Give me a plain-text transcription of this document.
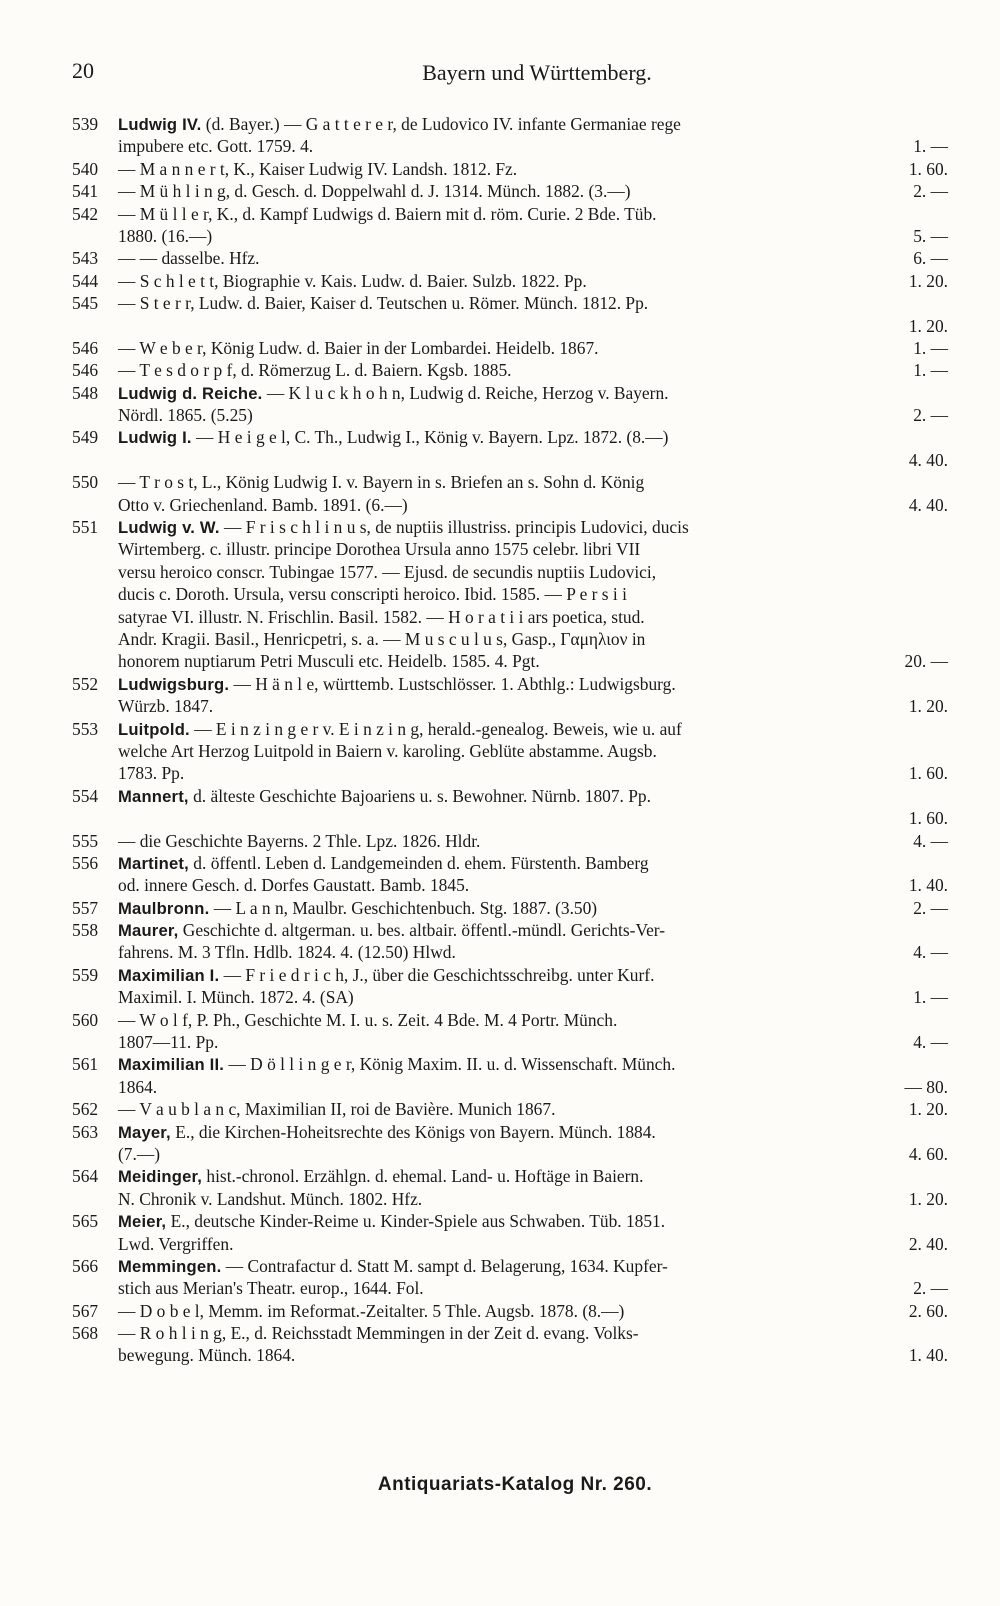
20	Bayern und Württemberg.
539 Ludwig IV. (d. Bayer.) — G a t t e r e r, de Ludovico IV. infante Germaniae rege
impubere etc. Gott. 1759. 4.	1. —
540 — M a n n e r t, K., Kaiser Ludwig IV. Landsh. 1812. Fz.	1. 60.
541 — M ü h l i n g, d. Gesch. d. Doppelwahl d. J. 1314. Münch. 1882. (3.—)	2. —
542 — M ü l l e r, K., d. Kampf Ludwigs d. Baiern mit d. röm. Curie. 2 Bde. Tüb.
1880. (16.—)	5. —
543 — — dasselbe. Hfz.	6. —
544 — S c h l e t t, Biographie v. Kais. Ludw. d. Baier. Sulzb. 1822. Pp.	1. 20.
545 — S t e r r, Ludw. d. Baier, Kaiser d. Teutschen u. Römer. Münch. 1812. Pp.
1. 20.
546 — W e b e r, König Ludw. d. Baier in der Lombardei. Heidelb. 1867.	1. —
546 — T e s d o r p f, d. Römerzug L. d. Baiern. Kgsb. 1885.	1. —
548 Ludwig d. Reiche. — K l u c k h o h n, Ludwig d. Reiche, Herzog v. Bayern.
Nördl. 1865. (5.25)	2. —
549 Ludwig I. — H e i g e l, C. Th., Ludwig I., König v. Bayern. Lpz. 1872. (8.—)
4. 40.
550 — T r o s t, L., König Ludwig I. v. Bayern in s. Briefen an s. Sohn d. König
Otto v. Griechenland. Bamb. 1891. (6.—)	4. 40.
551 Ludwig v. W. — F r i s c h l i n u s, de nuptiis illustriss. principis Ludovici, ducis
Wirtemberg. c. illustr. principe Dorothea Ursula anno 1575 celebr. libri VII
versu heroico conscr. Tubingae 1577. — Ejusd. de secundis nuptiis Ludovici,
ducis c. Doroth. Ursula, versu conscripti heroico. Ibid. 1585. — P e r s i i
satyrae VI. illustr. N. Frischlin. Basil. 1582. — H o r a t i i ars poetica, stud.
Andr. Kragii. Basil., Henricpetri, s. a. — M u s c u l u s, Gasp., Γαμηλιον in
honorem nuptiarum Petri Musculi etc. Heidelb. 1585. 4. Pgt.	20. —
552 Ludwigsburg. — H ä n l e, württemb. Lustschlösser. 1. Abthlg.: Ludwigsburg.
Würzb. 1847.	1. 20.
553 Luitpold. — E i n z i n g e r v. E i n z i n g, herald.-genealog. Beweis, wie u. auf
welche Art Herzog Luitpold in Baiern v. karoling. Geblüte abstamme. Augsb.
1783. Pp.	1. 60.
554 Mannert, d. älteste Geschichte Bajoariens u. s. Bewohner. Nürnb. 1807. Pp.
1. 60.
555 — die Geschichte Bayerns. 2 Thle. Lpz. 1826. Hldr.	4. —
556 Martinet, d. öffentl. Leben d. Landgemeinden d. ehem. Fürstenth. Bamberg
od. innere Gesch. d. Dorfes Gaustatt. Bamb. 1845.	1. 40.
557 Maulbronn. — L a n n, Maulbr. Geschichtenbuch. Stg. 1887. (3.50)	2. —
558 Maurer, Geschichte d. altgerman. u. bes. altbair. öffentl.-mündl. Gerichts-Ver-
fahrens. M. 3 Tfln. Hdlb. 1824. 4. (12.50) Hlwd.	4. —
559 Maximilian I. — F r i e d r i c h, J., über die Geschichtsschreibg. unter Kurf.
Maximil. I. Münch. 1872. 4. (SA)	1. —
560 — W o l f, P. Ph., Geschichte M. I. u. s. Zeit. 4 Bde. M. 4 Portr. Münch.
1807—11. Pp.	4. —
561 Maximilian II. — D ö l l i n g e r, König Maxim. II. u. d. Wissenschaft. Münch.
1864.	— 80.
562 — V a u b l a n c, Maximilian II, roi de Bavière. Munich 1867.	1. 20.
563 Mayer, E., die Kirchen-Hoheitsrechte des Königs von Bayern. Münch. 1884.
(7.—)	4. 60.
564 Meidinger, hist.-chronol. Erzählgn. d. ehemal. Land- u. Hoftäge in Baiern.
N. Chronik v. Landshut. Münch. 1802. Hfz.	1. 20.
565 Meier, E., deutsche Kinder-Reime u. Kinder-Spiele aus Schwaben. Tüb. 1851.
Lwd. Vergriffen.	2. 40.
566 Memmingen. — Contrafactur d. Statt M. sampt d. Belagerung, 1634. Kupfer-
stich aus Merian's Theatr. europ., 1644. Fol.	2. —
567 — D o b e l, Memm. im Reformat.-Zeitalter. 5 Thle. Augsb. 1878. (8.—)	2. 60.
568 — R o h l i n g, E., d. Reichsstadt Memmingen in der Zeit d. evang. Volks-
bewegung. Münch. 1864.	1. 40.
Antiquariats-Katalog Nr. 260.
